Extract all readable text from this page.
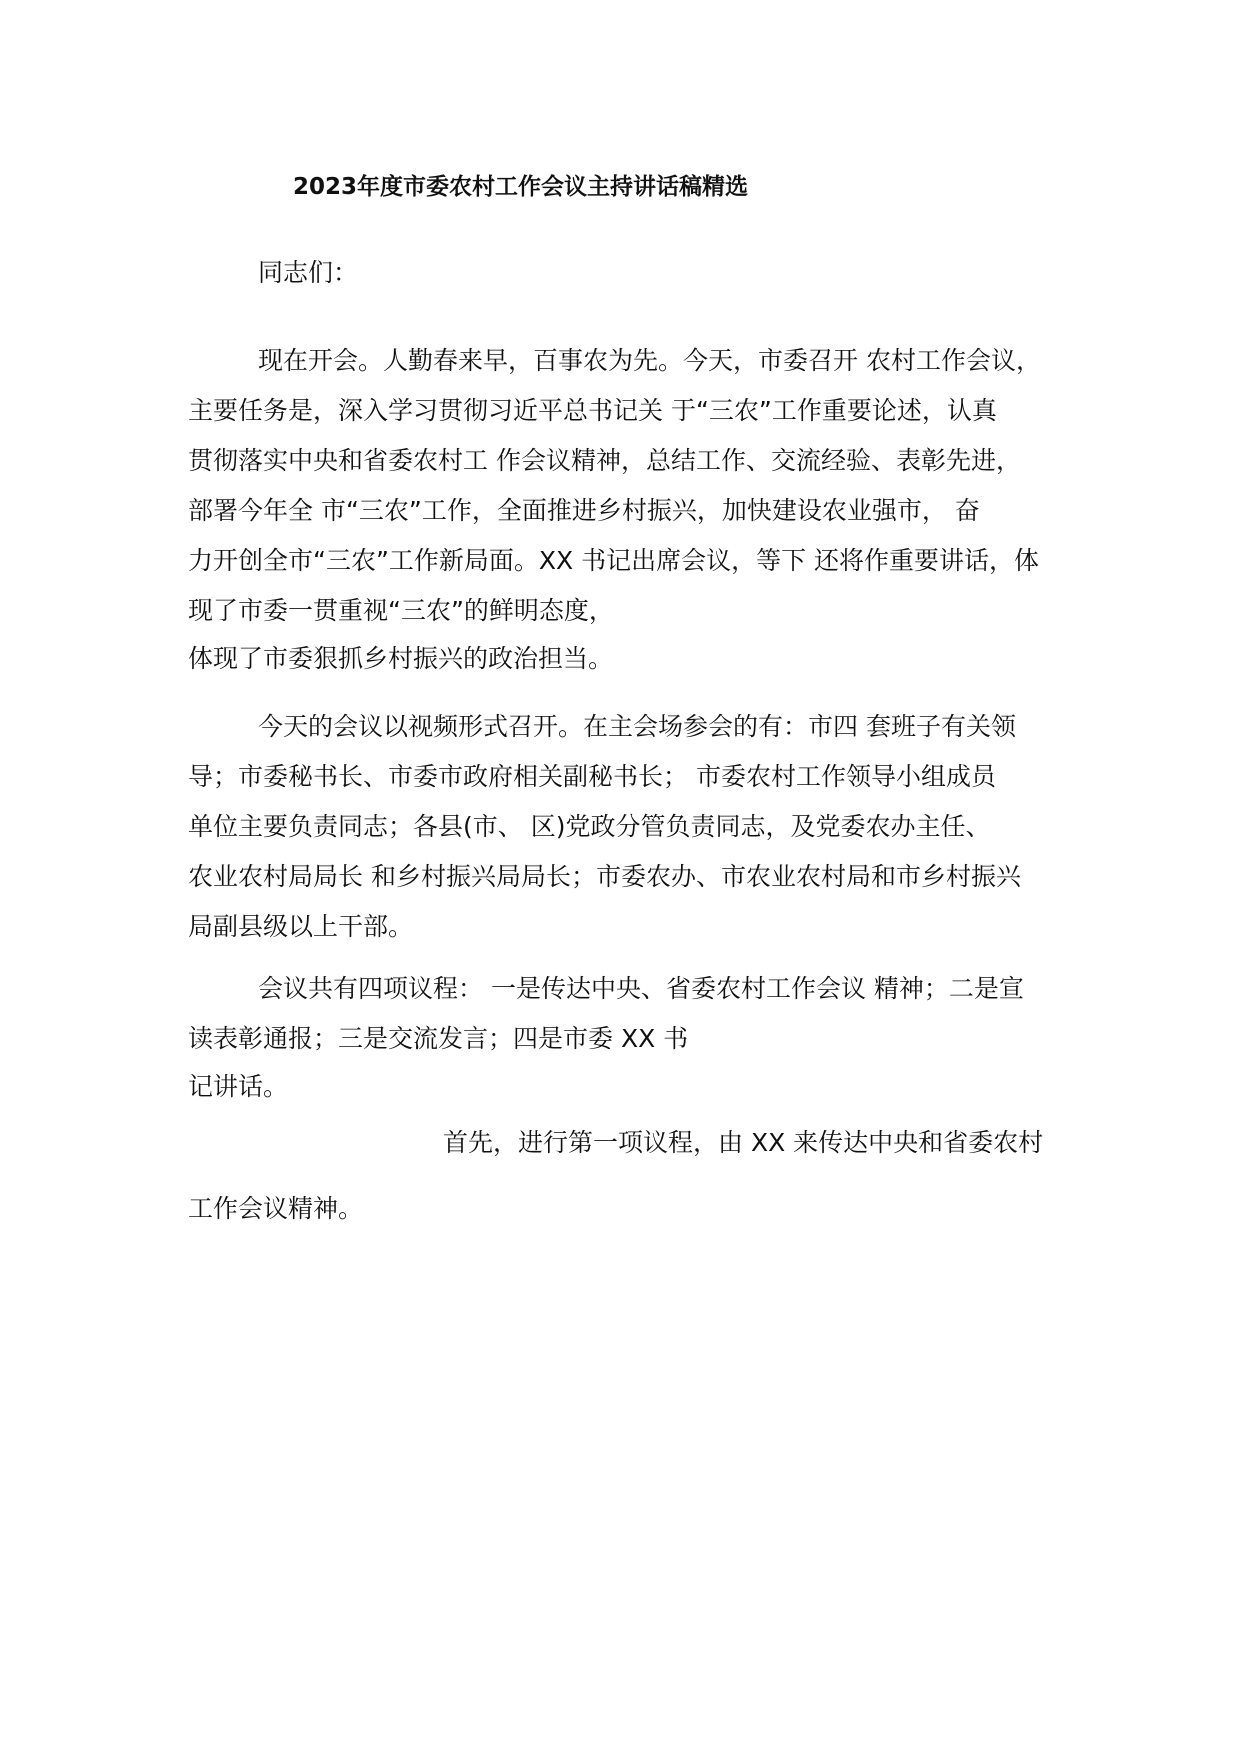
2023年度市委农村工作会议主持讲话稿精选
同志们：
现在开会。人勤春来早，百事农为先。今天，市委召开 农村工作会议，
主要任务是，深入学习贯彻习近平总书记关 于“三农”工作重要论述，认真
贯彻落实中央和省委农村工 作会议精神，总结工作、交流经验、表彰先进，
部署今年全 市“三农”工作，全面推进乡村振兴，加快建设农业强市， 奋
力开创全市“三农”工作新局面。XX 书记出席会议，等下 还将作重要讲话，体
现了市委一贯重视“三农”的鲜明态度，
体现了市委狠抓乡村振兴的政治担当。
今天的会议以视频形式召开。在主会场参会的有：市四 套班子有关领
导；市委秘书长、市委市政府相关副秘书长； 市委农村工作领导小组成员
单位主要负责同志；各县(市、 区)党政分管负责同志，及党委农办主任、
农业农村局局长 和乡村振兴局局长；市委农办、市农业农村局和市乡村振兴
局副县级以上干部。
会议共有四项议程： 一是传达中央、省委农村工作会议 精神；二是宣
读表彰通报；三是交流发言；四是市委 XX 书
记讲话。
首先，进行第一项议程，由 XX 来传达中央和省委农村
工作会议精神。
